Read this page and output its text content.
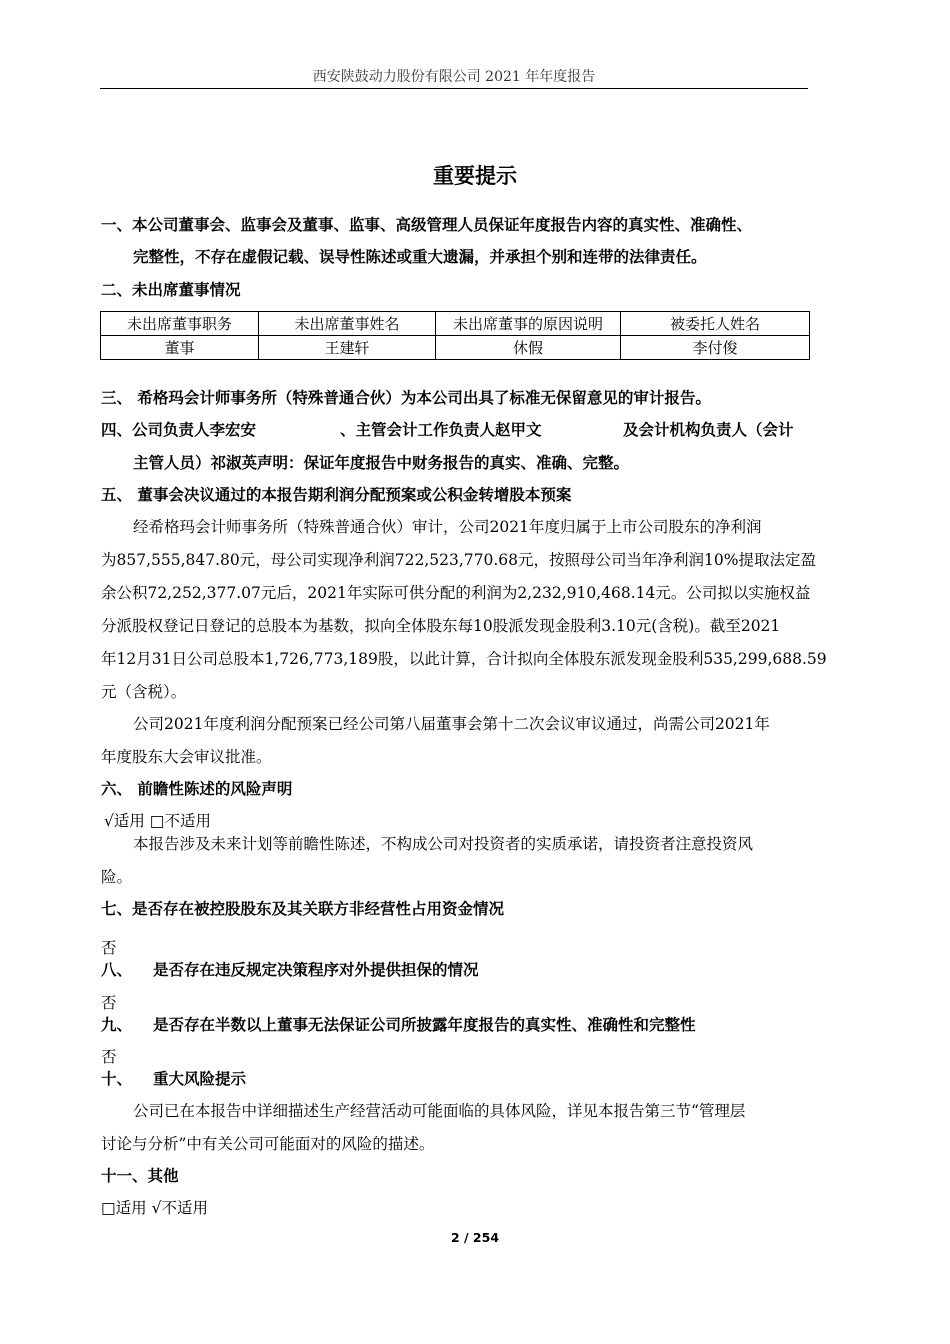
西安陕鼓动力股份有限公司 2021 年年度报告
重要提示
一、本公司董事会、监事会及董事、监事、高级管理人员保证年度报告内容的真实性、准确性、
完整性，不存在虚假记载、误导性陈述或重大遗漏，并承担个别和连带的法律责任。
二、未出席董事情况
未出席董事职务	未出席董事姓名	未出席董事的原因说明	被委托人姓名
董事	王建轩	休假	李付俊
三、 希格玛会计师事务所（特殊普通合伙）为本公司出具了标准无保留意见的审计报告。
四、公司负责人李宏安	、主管会计工作负责人赵甲文	及会计机构负责人（会计
主管人员）祁淑英声明：保证年度报告中财务报告的真实、准确、完整。
五、 董事会决议通过的本报告期利润分配预案或公积金转增股本预案
经希格玛会计师事务所（特殊普通合伙）审计，公司2021年度归属于上市公司股东的净利润
为857,555,847.80元，母公司实现净利润722,523,770.68元，按照母公司当年净利润10%提取法定盈
余公积72,252,377.07元后，2021年实际可供分配的利润为2,232,910,468.14元。公司拟以实施权益
分派股权登记日登记的总股本为基数，拟向全体股东每10股派发现金股利3.10元(含税)。截至2021
年12月31日公司总股本1,726,773,189股，以此计算，合计拟向全体股东派发现金股利535,299,688.59
元（含税）。
公司2021年度利润分配预案已经公司第八届董事会第十二次会议审议通过，尚需公司2021年
年度股东大会审议批准。
六、 前瞻性陈述的风险声明
√适用 □不适用
本报告涉及未来计划等前瞻性陈述，不构成公司对投资者的实质承诺，请投资者注意投资风
险。
七、是否存在被控股股东及其关联方非经营性占用资金情况
否
八、 是否存在违反规定决策程序对外提供担保的情况
否
九、 是否存在半数以上董事无法保证公司所披露年度报告的真实性、准确性和完整性
否
十、 重大风险提示
公司已在本报告中详细描述生产经营活动可能面临的具体风险，详见本报告第三节“管理层
讨论与分析”中有关公司可能面对的风险的描述。
十一、其他
□适用 √不适用
2 / 254
